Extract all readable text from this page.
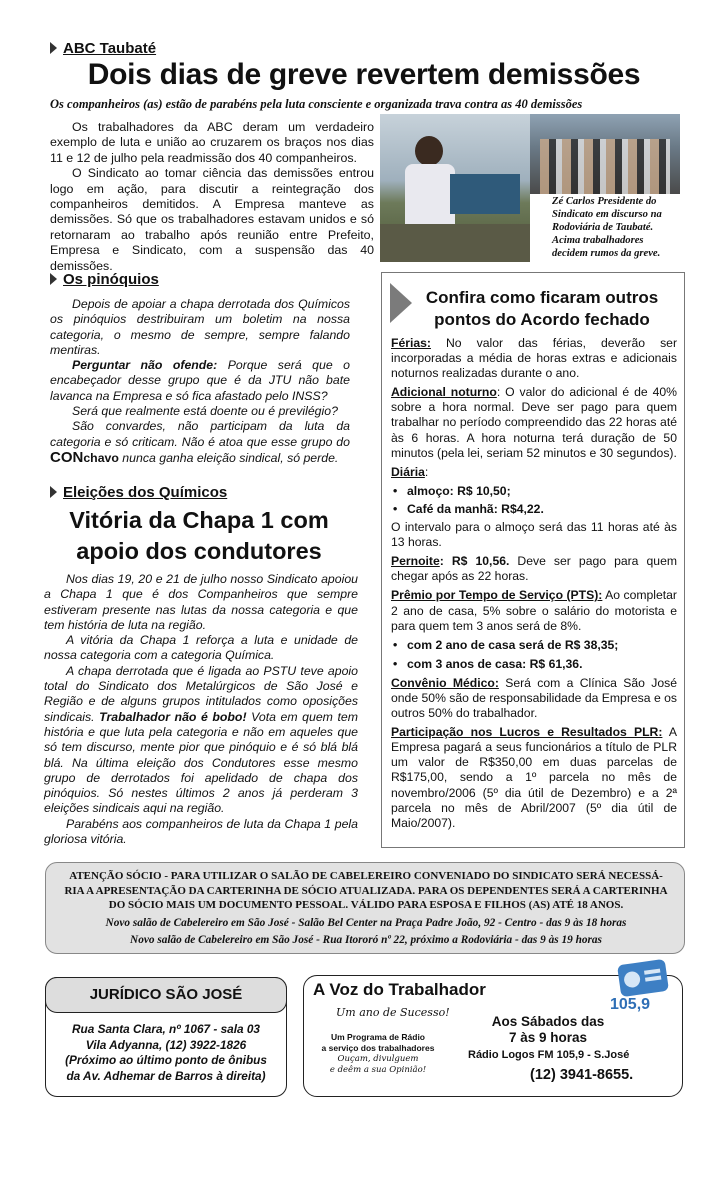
ABC Taubaté
Dois dias de greve revertem demissões
Os companheiros (as) estão de parabéns pela luta consciente e organizada trava contra as 40 demissões

Os trabalhadores da ABC deram um verdadeiro exemplo de luta e união ao cruzarem os braços nos dias 11 e 12 de julho pela readmissão dos 40 companheiros.

O Sindicato ao tomar ciência das demissões entrou logo em ação, para discutir a reintegração dos companheiros demitidos. A Empresa manteve as demissões. Só que os trabalhadores estavam unidos e só retornaram ao trabalho após reunião entre Prefeito, Empresa e Sindicato, com a suspensão das 40 demissões.

Zé Carlos Presidente do Sindicato em discurso na Rodoviária de Taubaté. Acima trabalhadores decidem rumos da greve.
Os pinóquios

Depois de apoiar a chapa derrotada dos Químicos os pinóquios destribuiram um boletim na nossa categoria, o mesmo de sempre, sempre falando mentiras.

Perguntar não ofende: Porque será que o encabeçador desse grupo que é da JTU não bate lavanca na Empresa e só fica afastado pelo INSS?

Será que realmente está doente ou é previlégio?

São convardes, não participam da luta da categoria e só criticam. Não é atoa que esse grupo do CONchavo nunca ganha eleição sindical, só perde.

Eleições dos Químicos
Vitória da Chapa 1 com
apoio dos condutores

Nos dias 19, 20 e 21 de julho nosso Sindicato apoiou a Chapa 1 que é dos Companheiros que sempre estiveram presente nas lutas da nossa categoria e que tem história de luta na região.

A vitória da Chapa 1 reforça a luta e unidade de nossa categoria com a categoria Química.

A chapa derrotada que é ligada ao PSTU teve apoio total do Sindicato dos Metalúrgicos de São José e Região e de alguns grupos intitulados como oposições sindicais. Trabalhador não é bobo! Vota em quem tem história e que luta pela categoria e não em aqueles que só tem discurso, mente pior que pinóquio e é só blá blá blá. Na última eleição dos Condutores esse mesmo grupo de derrotados foi apelidado de chapa dos pinóquios. Só nestes últimos 2 anos já perderam 3 eleições sindicais aqui na região.

Parabéns aos companheiros de luta da Chapa 1 pela gloriosa vitória.

Confira como ficaram outros
pontos do Acordo fechado

Férias: No valor das férias, deverão ser incorporadas a média de horas extras e adicionais noturnos realizadas durante o ano.

Adicional noturno: O valor do adicional é de 40% sobre a hora normal. Deve ser pago para quem trabalhar no período compreendido das 22 horas até às 6 horas. A hora noturna terá duração de 50 minutos (pela lei, seriam 52 minutos e 30 segundos).

Diária:

• almoço: R$ 10,50;

• Café da manhã: R$4,22.

O intervalo para o almoço será das 11 horas até às 13 horas.

Pernoite: R$ 10,56. Deve ser pago para quem chegar após as 22 horas.

Prêmio por Tempo de Serviço (PTS): Ao completar 2 ano de casa, 5% sobre o salário do motorista e para quem tem 3 anos será de 8%.

• com 2 ano de casa será de R$ 38,35;

• com 3 anos de casa: R$ 61,36.

Convênio Médico: Será com a Clínica São José onde 50% são de responsabilidade da Empresa e os outros 50% do trabalhador.

Participação nos Lucros e Resultados PLR: A Empresa pagará a seus funcionários a título de PLR um valor de R$350,00 em duas parcelas de R$175,00, sendo a 1º parcela no mês de novembro/2006 (5º dia útil de Dezembro) e a 2ª parcela no mês de Abril/2007 (5º dia útil de Maio/2007).

ATENÇÃO SÓCIO - PARA UTILIZAR O SALÃO DE CABELEREIRO CONVENIADO DO SINDICATO SERÁ NECESSÁ-
RIA A APRESENTAÇÃO DA CARTERINHA DE SÓCIO ATUALIZADA. PARA OS DEPENDENTES SERÁ A CARTERINHA
DO SÓCIO MAIS UM DOCUMENTO PESSOAL. VÁLIDO PARA ESPOSA E FILHOS (AS) ATÉ 18 ANOS.
Novo salão de Cabelereiro em São José - Salão Bel Center na Praça Padre João, 92 - Centro - das 9 às 18 horas
Novo salão de Cabelereiro em São José - Rua Itororó nº 22, próximo a Rodoviária - das 9 às 19 horas
JURÍDICO SÃO JOSÉ
Rua Santa Clara, nº 1067 - sala 03
Vila Adyanna, (12) 3922-1826
(Próximo ao último ponto de ônibus
da Av. Adhemar de Barros à direita)
A Voz do Trabalhador
Um ano de Sucesso!	105,9
Um Programa de Rádio
a serviço dos trabalhadores
Ouçam, divulguem
e deêm a sua Opinião!
Aos Sábados das
7 às 9 horas
Rádio Logos FM 105,9 - S.José
(12) 3941-8655.
